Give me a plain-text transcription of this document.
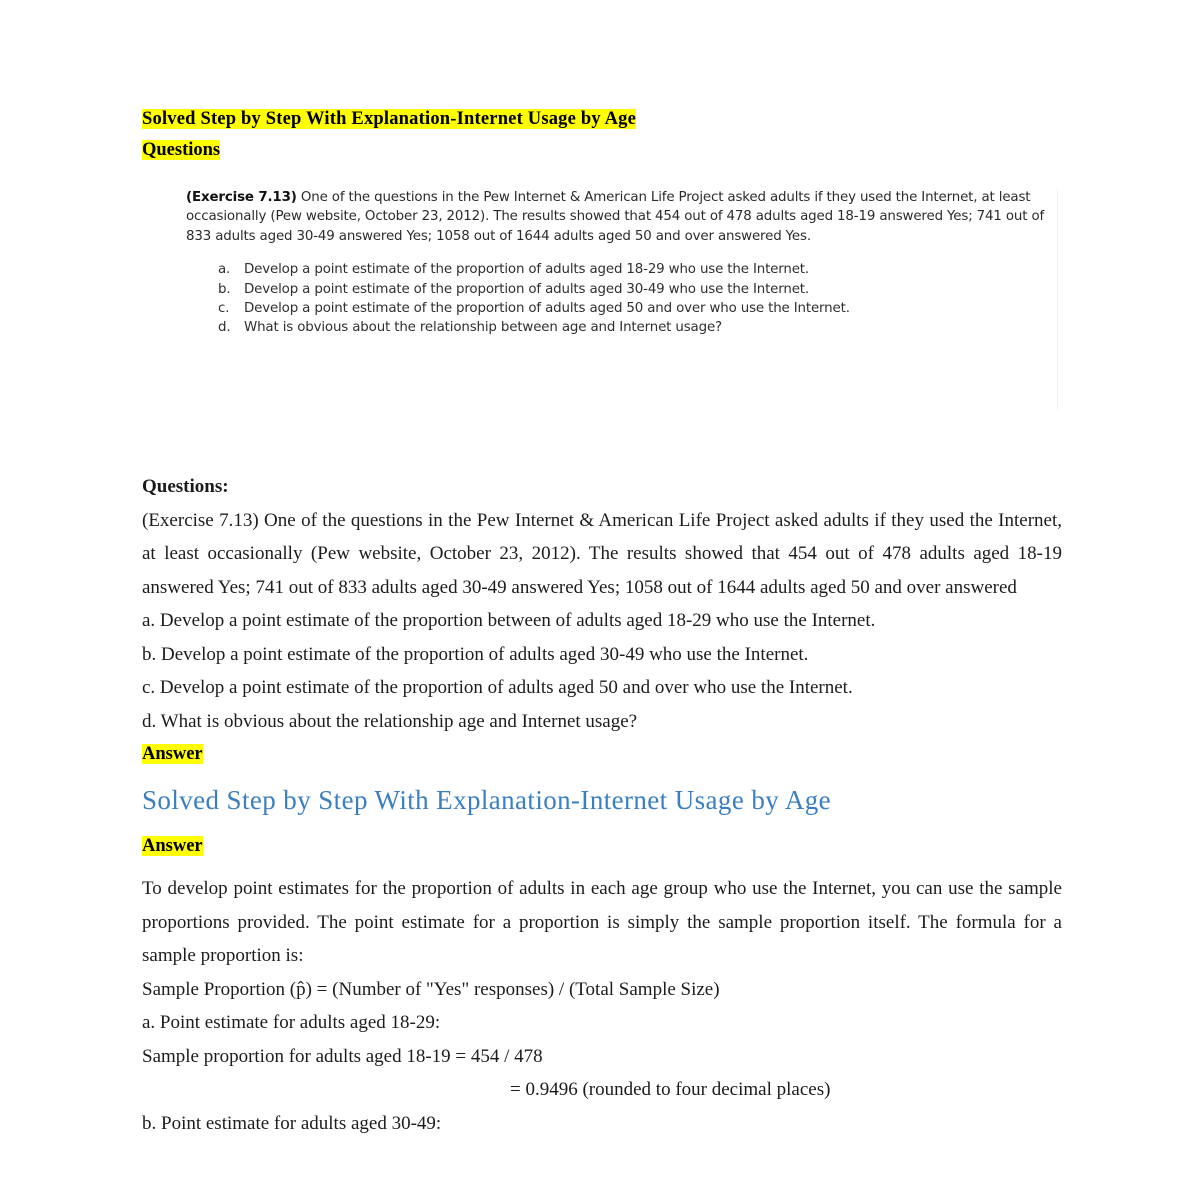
Solved Step by Step With Explanation-Internet Usage by Age

Questions

(Exercise 7.13) One of the questions in the Pew Internet & American Life Project asked adults if they used the Internet, at least occasionally (Pew website, October 23, 2012). The results showed that 454 out of 478 adults aged 18-19 answered Yes; 741 out of 833 adults aged 30-49 answered Yes; 1058 out of 1644 adults aged 50 and over answered Yes.

a. Develop a point estimate of the proportion of adults aged 18-29 who use the Internet.
b. Develop a point estimate of the proportion of adults aged 30-49 who use the Internet.
c. Develop a point estimate of the proportion of adults aged 50 and over who use the Internet.
d. What is obvious about the relationship between age and Internet usage?

Questions:

(Exercise 7.13) One of the questions in the Pew Internet & American Life Project asked adults if they used the Internet, at least occasionally (Pew website, October 23, 2012). The results showed that 454 out of 478 adults aged 18-19 answered Yes; 741 out of 833 adults aged 30-49 answered Yes; 1058 out of 1644 adults aged 50 and over answered

a. Develop a point estimate of the proportion between of adults aged 18-29 who use the Internet.

b. Develop a point estimate of the proportion of adults aged 30-49 who use the Internet.

c. Develop a point estimate of the proportion of adults aged 50 and over who use the Internet.

d. What is obvious about the relationship age and Internet usage?

Answer

Solved Step by Step With Explanation-Internet Usage by Age

Answer

To develop point estimates for the proportion of adults in each age group who use the Internet, you can use the sample proportions provided. The point estimate for a proportion is simply the sample proportion itself. The formula for a sample proportion is:

Sample Proportion (p̂) = (Number of "Yes" responses) / (Total Sample Size)

a. Point estimate for adults aged 18-29:

Sample proportion for adults aged 18-19 = 454 / 478

= 0.9496 (rounded to four decimal places)

b. Point estimate for adults aged 30-49:
